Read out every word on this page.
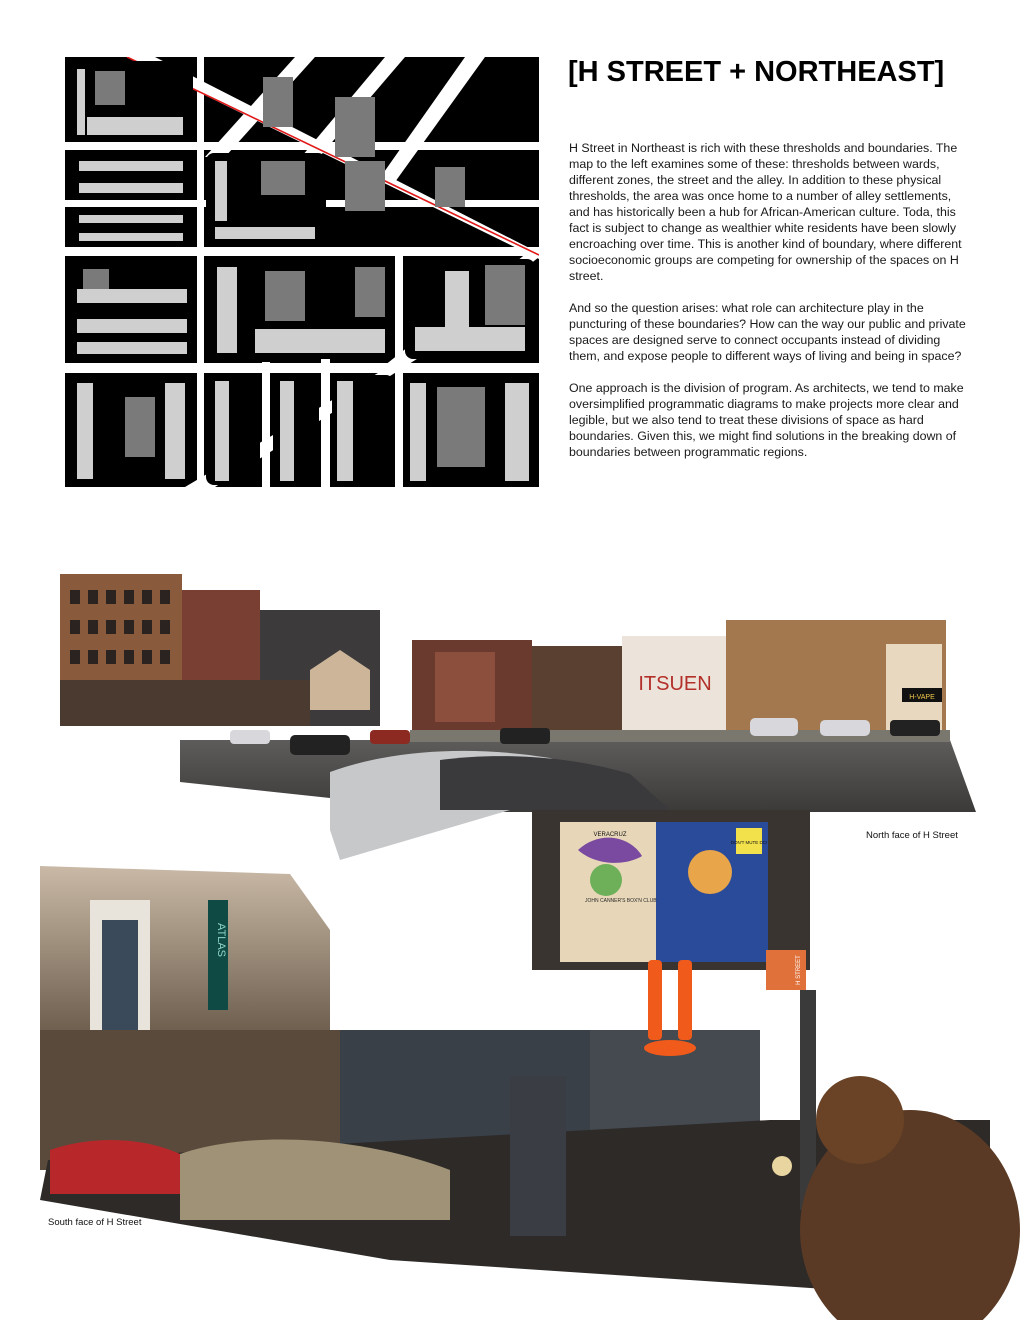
[H STREET + NORTHEAST]

H Street in Northeast is rich with these thresholds and boundaries. The map to the left examines some of these: thresholds between wards, different zones, the street and the alley. In addition to these physical thresholds, the area was once home to a number of alley settlements, and has historically been a hub for African-American culture. Toda, this fact is subject to change as wealthier white residents have been slowly encroaching over time. This is another kind of boundary, where different socioeconomic groups are competing for ownership of the spaces on H street.

And so the question arises: what role can architecture play in the puncturing of these boundaries? How can the way our public and private spaces are designed serve to connect occupants instead of dividing them, and expose people to different ways of living and being in space?

One approach is the division of program. As architects, we tend to make oversimplified programmatic diagrams to make projects more clear and legible, but we also tend to treat these divisions of space as hard boundaries. Given this, we might find solutions in the breaking down of boundaries between programmatic regions.

ITSUEN
H-VAPE
VERACRUZ
DON'T MUTE DC!
JOHN CANNER'S BOX'N CLUB
ATLAS
H STREET
North face of H Street
South face of H Street
